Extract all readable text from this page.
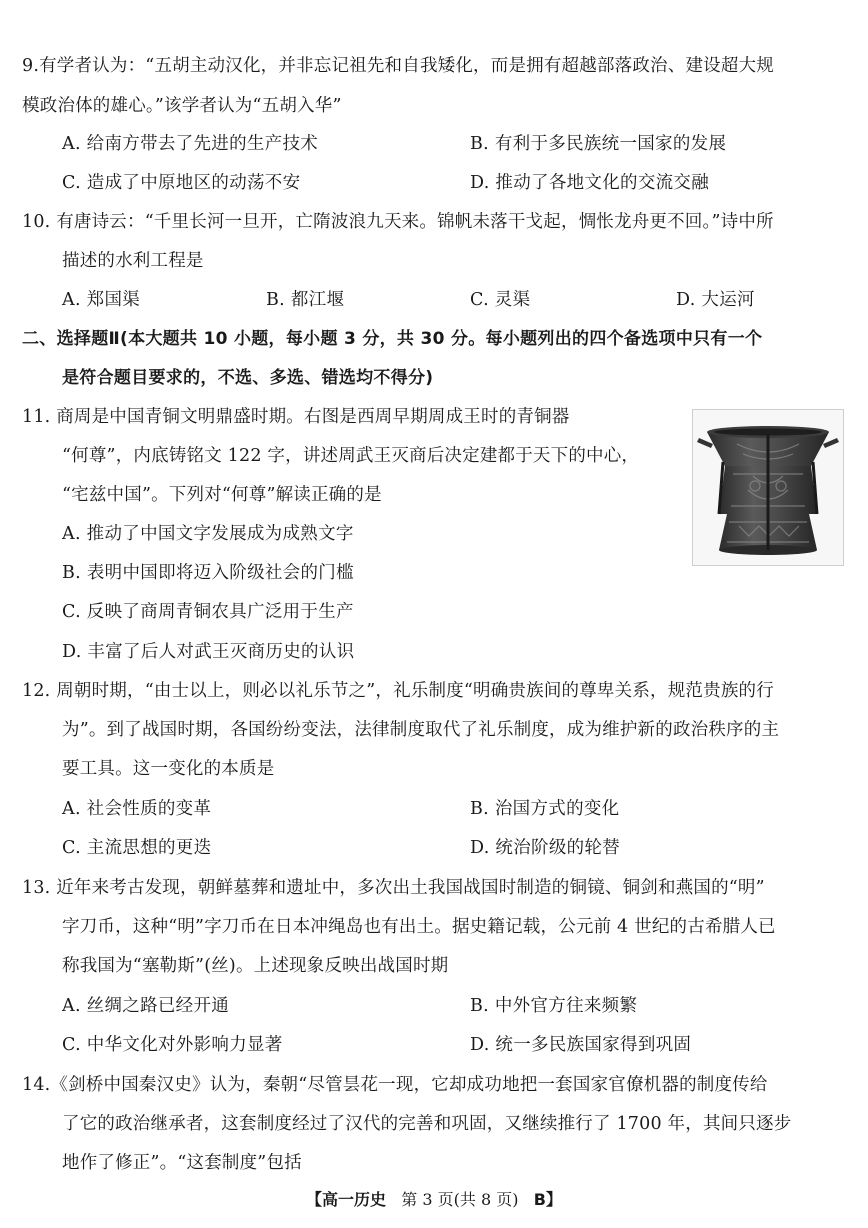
9.有学者认为：“五胡主动汉化，并非忘记祖先和自我矮化，而是拥有超越部落政治、建设超大规
模政治体的雄心。”该学者认为“五胡入华”
A. 给南方带去了先进的生产技术	B. 有利于多民族统一国家的发展
C. 造成了中原地区的动荡不安	D. 推动了各地文化的交流交融
10. 有唐诗云：“千里长河一旦开，亡隋波浪九天来。锦帆未落干戈起，惆怅龙舟更不回。”诗中所
描述的水利工程是
A. 郑国渠	B. 都江堰	C. 灵渠	D. 大运河
二、选择题Ⅱ(本大题共 10 小题，每小题 3 分，共 30 分。每小题列出的四个备选项中只有一个
是符合题目要求的，不选、多选、错选均不得分)
11. 商周是中国青铜文明鼎盛时期。右图是西周早期周成王时的青铜器
“何尊”，内底铸铭文 122 字，讲述周武王灭商后决定建都于天下的中心，
“宅兹中国”。下列对“何尊”解读正确的是
A. 推动了中国文字发展成为成熟文字
B. 表明中国即将迈入阶级社会的门槛
C. 反映了商周青铜农具广泛用于生产
D. 丰富了后人对武王灭商历史的认识
12. 周朝时期，“由士以上，则必以礼乐节之”，礼乐制度“明确贵族间的尊卑关系，规范贵族的行
为”。到了战国时期，各国纷纷变法，法律制度取代了礼乐制度，成为维护新的政治秩序的主
要工具。这一变化的本质是
A. 社会性质的变革	B. 治国方式的变化
C. 主流思想的更迭	D. 统治阶级的轮替
13. 近年来考古发现，朝鲜墓葬和遗址中，多次出土我国战国时制造的铜镜、铜剑和燕国的“明”
字刀币，这种“明”字刀币在日本冲绳岛也有出土。据史籍记载，公元前 4 世纪的古希腊人已
称我国为“塞勒斯”(丝)。上述现象反映出战国时期
A. 丝绸之路已经开通	B. 中外官方往来频繁
C. 中华文化对外影响力显著	D. 统一多民族国家得到巩固
14.《剑桥中国秦汉史》认为，秦朝“尽管昙花一现，它却成功地把一套国家官僚机器的制度传给
了它的政治继承者，这套制度经过了汉代的完善和巩固，又继续推行了 1700 年，其间只逐步
地作了修正”。“这套制度”包括
【高一历史 第 3 页(共 8 页) B】
